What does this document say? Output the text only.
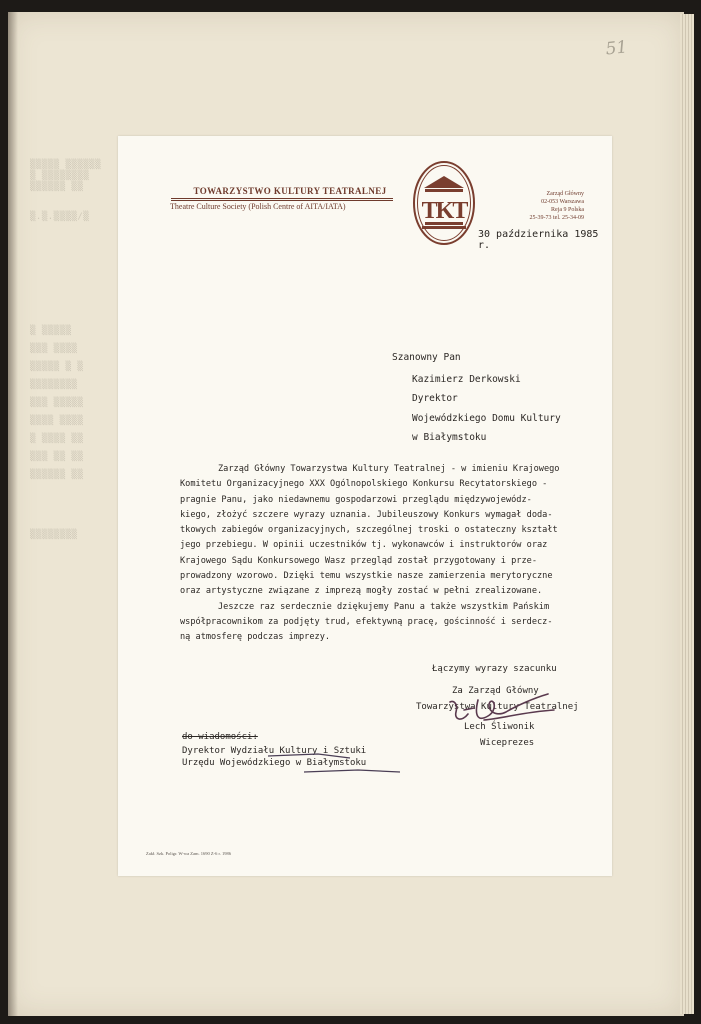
51
▒▒▒▒▒ ▒▒▒▒▒▒
▒ ▒▒▒▒▒▒▒▒
▒▒▒▒▒▒ ▒▒
▒.▒.▒▒▒▒/▒
▒ ▒▒▒▒▒
▒▒▒ ▒▒▒▒
▒▒▒▒▒ ▒ ▒
▒▒▒▒▒▒▒▒
▒▒▒ ▒▒▒▒▒
▒▒▒▒ ▒▒▒▒
▒ ▒▒▒▒ ▒▒
▒▒▒ ▒▒ ▒▒
▒▒▒▒▒▒ ▒▒
▒▒▒▒▒▒▒▒
TOWARZYSTWO KULTURY TEATRALNEJ
Theatre Culture Society (Polish Centre of AITA/IATA)	TKT
Zarząd Główny
02-053 Warszawa
Reja 9 Polska
25-39-73 tel. 25-34-09
30 października 1985 r.
Szanowny Pan
Kazimierz Derkowski
Dyrektor
Wojewódzkiego Domu Kultury
w Białymstoku
Zarząd Główny Towarzystwa Kultury Teatralnej - w imieniu Krajowego
Komitetu Organizacyjnego XXX Ogólnopolskiego Konkursu Recytatorskiego -
pragnie Panu, jako niedawnemu gospodarzowi przeglądu międzywojewódz-
kiego, złożyć szczere wyrazy uznania. Jubileuszowy Konkurs wymagał doda-
tkowych zabiegów organizacyjnych, szczególnej troski o ostateczny kształt
jego przebiegu. W opinii uczestników tj. wykonawców i instruktorów oraz
Krajowego Sądu Konkursowego Wasz przegląd został przygotowany i prze-
prowadzony wzorowo. Dzięki temu wszystkie nasze zamierzenia merytoryczne
oraz artystyczne związane z imprezą mogły zostać w pełni zrealizowane.
Jeszcze raz serdecznie dziękujemy Panu a także wszystkim Pańskim
współpracownikom za podjęty trud, efektywną pracę, gościnność i serdecz-
ną atmosferę podczas imprezy.
Łączymy wyrazy szacunku
Za Zarząd Główny
Towarzystwa Kultury Teatralnej
Lech Śliwonik
Wiceprezes
do wiadomości:
Dyrektor Wydziału Kultury i Sztuki
Urzędu Wojewódzkiego w Białymstoku
Zakł. Szk. Poligr. W-wa Zam. 1690 Z-6 r. 1986
